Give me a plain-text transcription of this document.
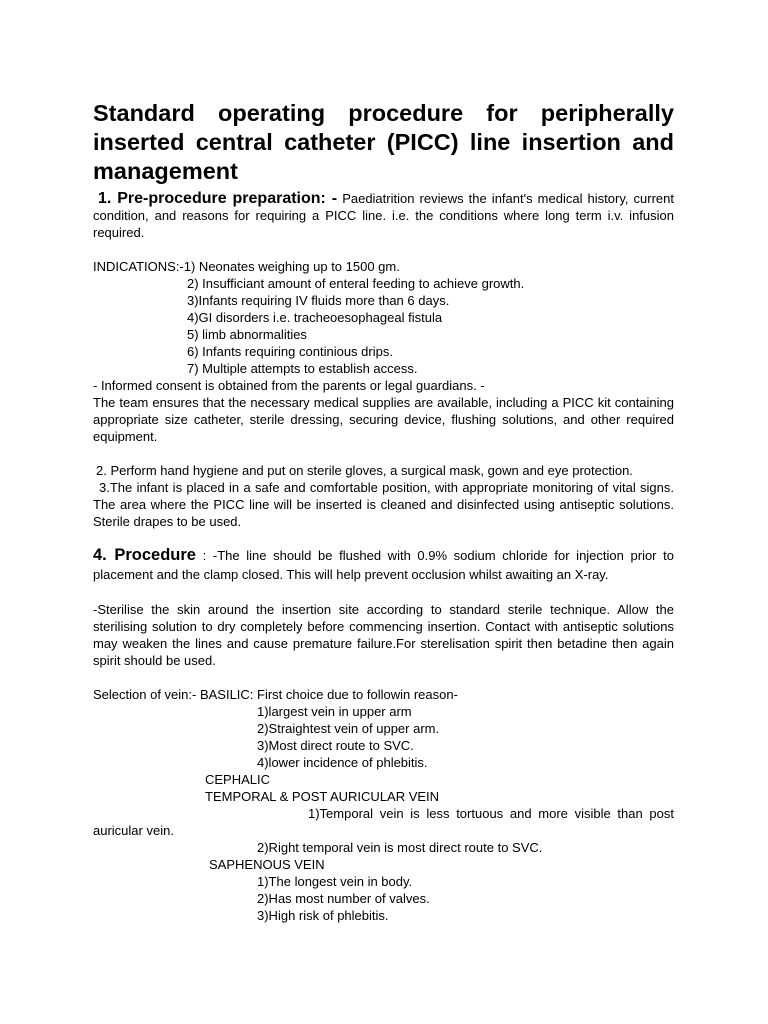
Standard operating procedure for peripherally inserted central catheter (PICC) line insertion and management

1. Pre-procedure preparation: - Paediatrition reviews the infant's medical history, current condition, and reasons for requiring a PICC line. i.e. the conditions where long term i.v. infusion required.

INDICATIONS:-1) Neonates weighing up to 1500 gm.

2) Insufficiant amount of enteral feeding to achieve growth.

3)Infants requiring IV fluids more than 6 days.

4)GI disorders i.e. tracheoesophageal fistula

5) limb abnormalities

6) Infants requiring continious drips.

7) Multiple attempts to establish access.

- Informed consent is obtained from the parents or legal guardians. -

The team ensures that the necessary medical supplies are available, including a PICC kit containing appropriate size catheter, sterile dressing, securing device, flushing solutions, and other required equipment.

2. Perform hand hygiene and put on sterile gloves, a surgical mask, gown and eye protection.

3.The infant is placed in a safe and comfortable position, with appropriate monitoring of vital signs. The area where the PICC line will be inserted is cleaned and disinfected using antiseptic solutions. Sterile drapes to be used.

4. Procedure : -The line should be flushed with 0.9% sodium chloride for injection prior to placement and the clamp closed. This will help prevent occlusion whilst awaiting an X-ray.

-Sterilise the skin around the insertion site according to standard sterile technique. Allow the sterilising solution to dry completely before commencing insertion. Contact with antiseptic solutions may weaken the lines and cause premature failure.For sterelisation spirit then betadine then again spirit should be used.

Selection of vein:- BASILIC: First choice due to followin reason-

1)largest vein in upper arm

2)Straightest vein of upper arm.

3)Most direct route to SVC.

4)lower incidence of phlebitis.

CEPHALIC

TEMPORAL & POST AURICULAR VEIN

1)Temporal vein is less tortuous and more visible than post

auricular vein.

2)Right temporal vein is most direct route to SVC.

SAPHENOUS VEIN

1)The longest vein in body.

2)Has most number of valves.

3)High risk of phlebitis.
